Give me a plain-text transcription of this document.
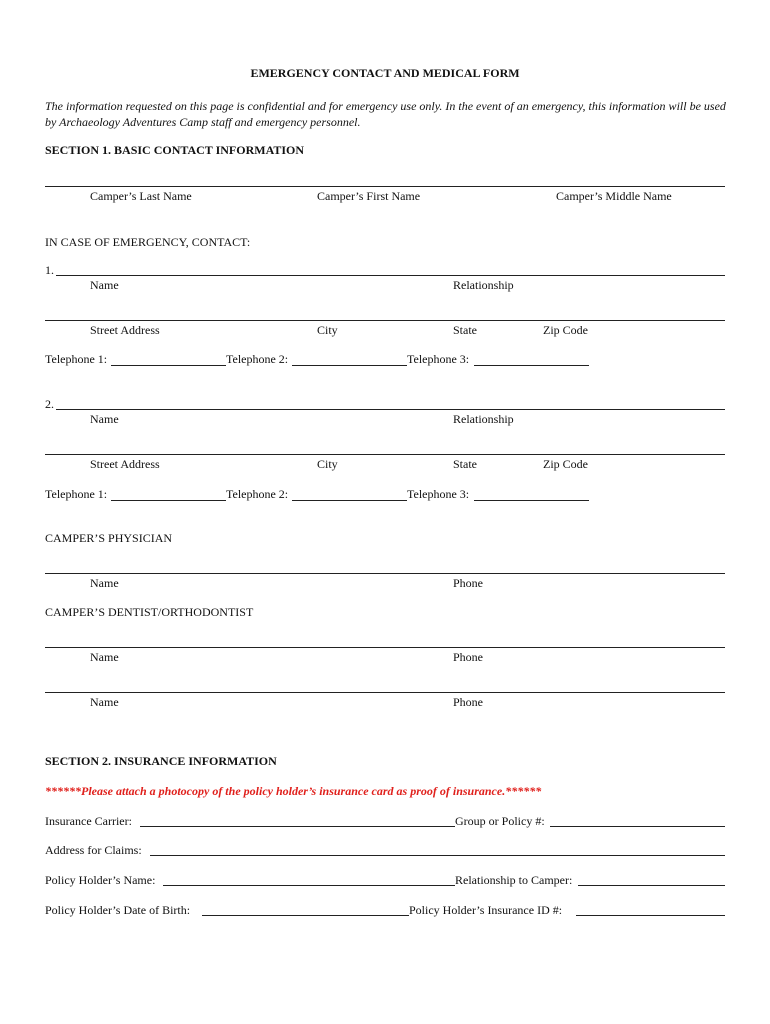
EMERGENCY CONTACT AND MEDICAL FORM
The information requested on this page is confidential and for emergency use only. In the event of an emergency, this information will be used by Archaeology Adventures Camp staff and emergency personnel.
SECTION 1. BASIC CONTACT INFORMATION
Camper’s Last Name	Camper’s First Name	Camper’s Middle Name
IN CASE OF EMERGENCY, CONTACT:
1.
Name	Relationship
Street Address	City	State	Zip Code
Telephone 1:	Telephone 2:	Telephone 3:
2.
Name	Relationship
Street Address	City	State	Zip Code
Telephone 1:	Telephone 2:	Telephone 3:
CAMPER’S PHYSICIAN
Name	Phone
CAMPER’S DENTIST/ORTHODONTIST
Name	Phone
Name	Phone
SECTION 2. INSURANCE INFORMATION
******Please attach a photocopy of the policy holder’s insurance card as proof of insurance.******
Insurance Carrier:	Group or Policy #:
Address for Claims:
Policy Holder’s Name:	Relationship to Camper:
Policy Holder’s Date of Birth:	Policy Holder’s Insurance ID #:
